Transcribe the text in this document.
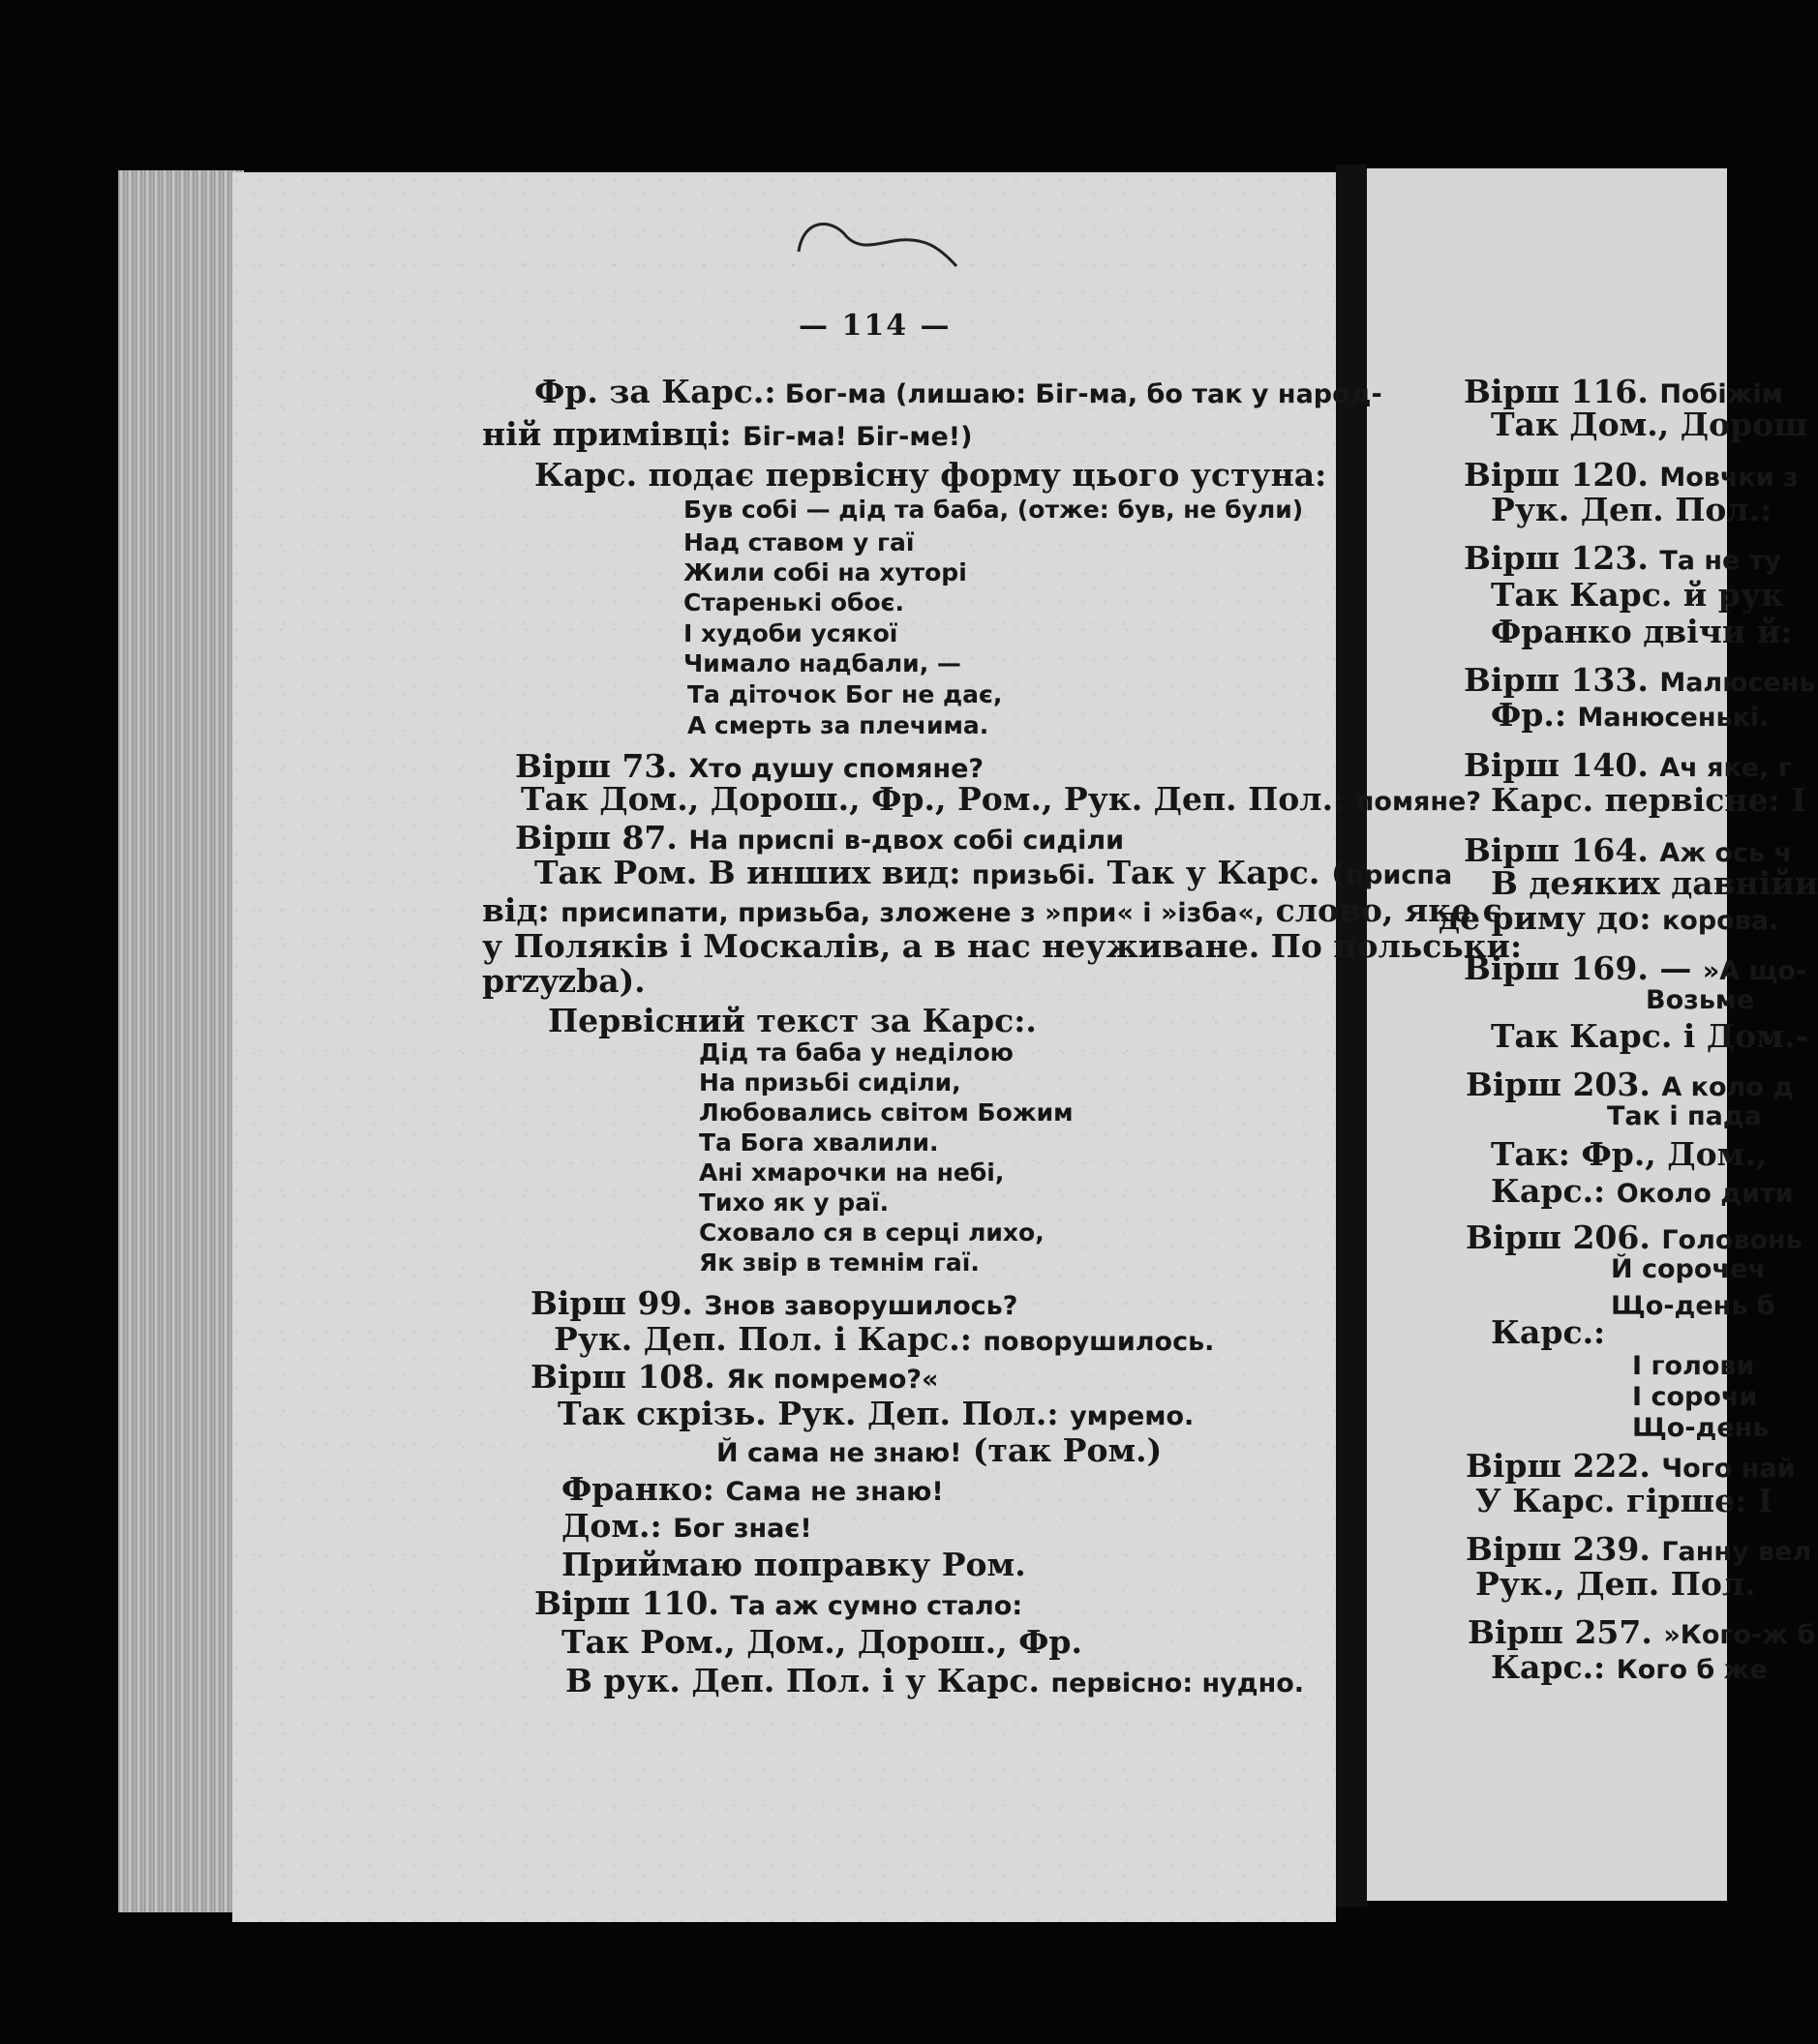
— 114 —
Фр. за Карс.: Бог-ма (лишаю: Біг-ма, бо так у народ-
ній примівці: Біг-ма! Біг-ме!)
Карс. подає первісну форму цього устуна:
Був собі — дід та баба, (отже: був, не були)
Над ставом у гаї
Жили собі на хуторі
Старенькі обоє.
І худоби усякої
Чимало надбали, —
Та діточок Бог не дає,
А смерть за плечима.
Вірш 73. Хто душу спомяне?
Так Дом., Дорош., Фр., Ром., Рук. Деп. Пол.: помяне?
Вірш 87. На приспі в-двох собі сиділи
Так Ром. В инших вид: призьбі. Так у Карс. (приспа
від: присипати, призьба, зложене з »при« і »ізба«, слово, яке є
у Поляків і Москалів, а в нас неуживане. По польськи:
przyzba).
Первісний текст за Карс:.
Дід та баба у неділою
На призьбі сиділи,
Любовались світом Божим
Та Бога хвалили.
Ані хмарочки на небі,
Тихо як у раї.
Сховало ся в серці лихо,
Як звір в темнім гаї.
Вірш 99. Знов заворушилось?
Рук. Деп. Пол. і Карс.: поворушилось.
Вірш 108. Як помремо?«
Так скрізь. Рук. Деп. Пол.: умремо.
Й сама не знаю! (так Ром.)
Франко: Сама не знаю!
Дом.: Бог знає!
Приймаю поправку Ром.
Вірш 110. Та аж сумно стало:
Так Ром., Дом., Дорош., Фр.
В рук. Деп. Пол. і у Карс. первісно: нудно.
Вірш 116. Побіжім
Так Дом., Дорош
Вірш 120. Мовчки з
Рук. Деп. Пол.:
Вірш 123. Та не ту
Так Карс. й рук
Франко двічи й:
Вірш 133. Малюсень
Фр.: Манюсенькі.
Вірш 140. Ач яке, г
Карс. первісне: І
Вірш 164. Аж ось ч
В деяких давнійи
де риму до: корова.
Вірш 169. — »А що-
Возьме
Так Карс. і Дом.-
Вірш 203. А коло д
Так і пада
Так: Фр., Дом.,
Карс.: Около дити
Вірш 206. Головонь
Й сорочеч
Що-день б
Карс.:
І голови
І сорочи
Що-день
Вірш 222. Чого най
У Карс. гірше: І
Вірш 239. Ганну вел
Рук., Деп. Пол.
Вірш 257. »Кого-ж б
Карс.: Кого б же
